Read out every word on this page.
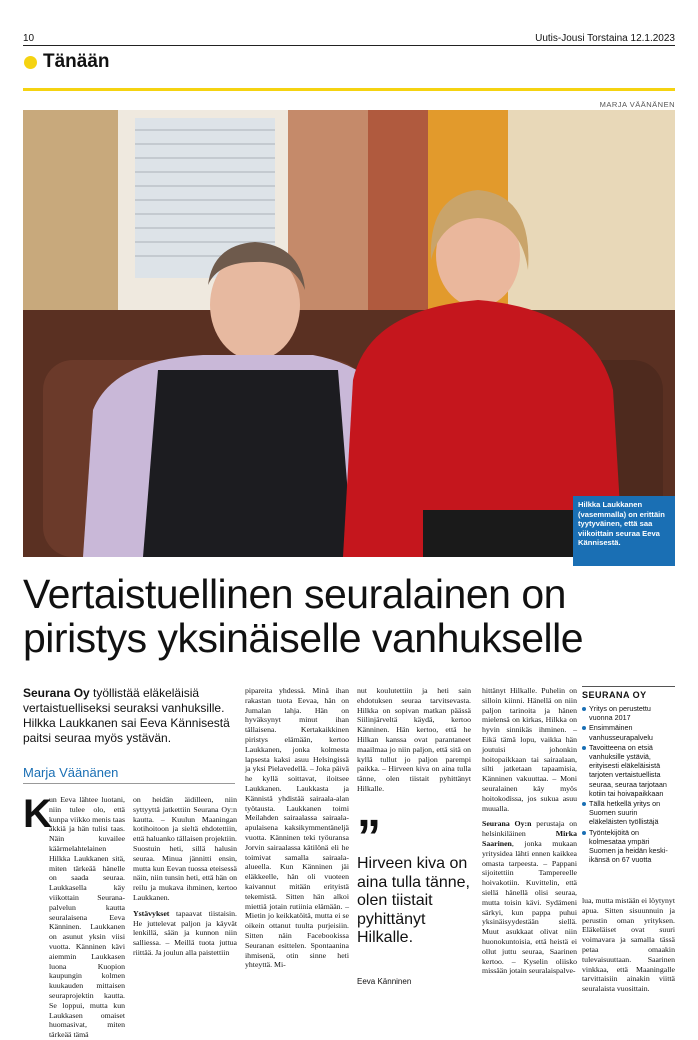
10	Uutis-Jousi Torstaina 12.1.2023
Tänään
MARJA VÄÄNÄNEN
Hilkka Laukkanen (vasemmalla) on erittäin tyytyväinen, että saa viikoittain seuraa Eeva Kännisestä.
Vertaistuellinen seuralainen on piristys yksinäiselle vanhukselle
Seurana Oy työllistää eläkeläisiä vertaistuelliseksi seuraksi vanhuksille. Hilkka Laukkanen sai Eeva Kännisestä paitsi seuraa myös ystävän.
Marja Väänänen
K
un Eeva lähtee luotani, niin tulee olo, että kunpa viikko menis taas äkkiä ja hän tulisi taas. Näin kuvailee käärmelahtelainen Hilkka Laukkanen sitä, miten tärkeää hänelle on saada seuraa. Laukkasella käy viikottain Seurana-palvelun kautta seuralaisena Eeva Känninen. Laukkanen on asunut yksin viisi vuotta. Känninen kävi aiemmin Laukkasen luona Kuopion kaupungin kolmen kuukauden mittaisen seuraprojektin kautta. Se loppui, mutta kun Laukkasen omaiset huomasivat, miten tärkeää tämä
on heidän äidilleen, niin syttyyttä jatkettiin Seurana Oy:n kautta. – Kuulun Maaningan kotihoitoon ja sieltä ehdotettiin, että haluanko tällaisen projektiin. Suostuin heti, sillä halusin seuraa. Minua jännitti ensin, mutta kun Eevan tuossa eteisessä näin, niin tunsin heti, että hän on reilu ja mukava ihminen, kertoo Laukkanen.
Ystävykset tapaavat tiistaisin. He juttelevat paljon ja käyvät lenkillä, sään ja kunnon niin salliessa. – Meillä tuota juttua riittää. Ja joulun alla paistettiin
pipareita yhdessä. Minä ihan rakastan tuota Eevaa, hän on Jumalan lahja. Hän on hyväksynyt minut ihan tällaisena. Kertakaikkinen piristys elämään, kertoo Laukkanen, jonka kolmesta lapsesta kaksi asuu Helsingissä ja yksi Pielavedellä. – Joka päivä he kyllä soittavat, iloitsee Laukkanen. Laukkasta ja Kännistä yhdistää sairaala-alan työtausta. Laukkanen toimi Meilahden sairaalassa sairaala-apulaisena kaksikymmentäneljä vuotta. Känninen teki työuransa Jorvin sairaalassa kätilönä eli he toimivat samalla sairaala-alueella. Kun Känninen jäi eläkkeelle, hän oli vuoteen kaivannut mitään erityistä tekemistä. Sitten hän alkoi miettiä jotain rutiinia elämään. – Mietin jo keikkatöitä, mutta ei se oikein ottanut tuulta purjeisiin. Sitten näin Facebookissa Seuranan esittelen. Spontaanina ihmisenä, otin sinne heti yhteyttä. Mi-
nut koulutettiin ja heti sain ehdotuksen seuraa tarvitsevasta. Hilkka on sopivan matkan päässä Siilinjärveltä käydä, kertoo Känninen. Hän kertoo, että he Hilkan kanssa ovat parantaneet maailmaa jo niin paljon, että sitä on kyllä tullut jo paljon parempi paikka. – Hirveen kiva on aina tulla tänne, olen tiistait pyhittänyt Hilkalle.
”
Hirveen kiva on aina tulla tänne, olen tiistait pyhittänyt Hilkalle.
Eeva Känninen
hittänyt Hilkalle. Puhelin on silloin kiinni. Hänellä on niin paljon tarinoita ja hänen mielensä on kirkas, Hilkka on hyvin sinnikäs ihminen. – Eikä tämä lopu, vaikka hän joutuisi johonkin hoitopaikkaan tai sairaalaan, silti jatketaan tapaamisia, Känninen vakuuttaa. – Moni seuralainen käy myös hoitokodissa, jos sukua asuu muualla.
Seurana Oy:n perustaja on helsinkiläinen Mirka Saarinen, jonka mukaan yritysidea lähti ennen kaikkea omasta tarpeesta. – Pappani sijoitettiin Tampereelle hoivakotiin. Kuvittelin, että siellä hänellä olisi seuraa, mutta toisin kävi. Sydämeni särkyi, kun pappa puhui yksinäisyydestään siellä. Muut asukkaat olivat niin huonokuntoisia, että heistä ei ollut juttu seuraa, Saarinen kertoo. – Kyselin oliisko missään jotain seuralaispalve-
SEURANA OY
Yritys on perustettu vuonna 2017
Ensimmäinen vanhusseurapalvelu
Tavoitteena on etsiä vanhuksille ystäviä, erityisesti eläkeläisistä tarjoten vertaistuellista seuraa, seuraa tarjotaan kotiin tai hoivapaikkaan
Tällä hetkellä yritys on Suomen suurin eläkeläisten työllistäjä
Työntekijöitä on kolmesataa ympäri Suomen ja heidän keski-ikänsä on 67 vuotta
lua, mutta mistään ei löytynyt apua. Sitten sisuunnuin ja perustin oman yrityksen. Eläkeläiset ovat suuri voimavara ja samalla tässä petaa omaakin tulevaisuuttaan. Saarinen vinkkaa, että Maaningalle tarvittaisiin ainakin viittä seuralaista vuosittain.
